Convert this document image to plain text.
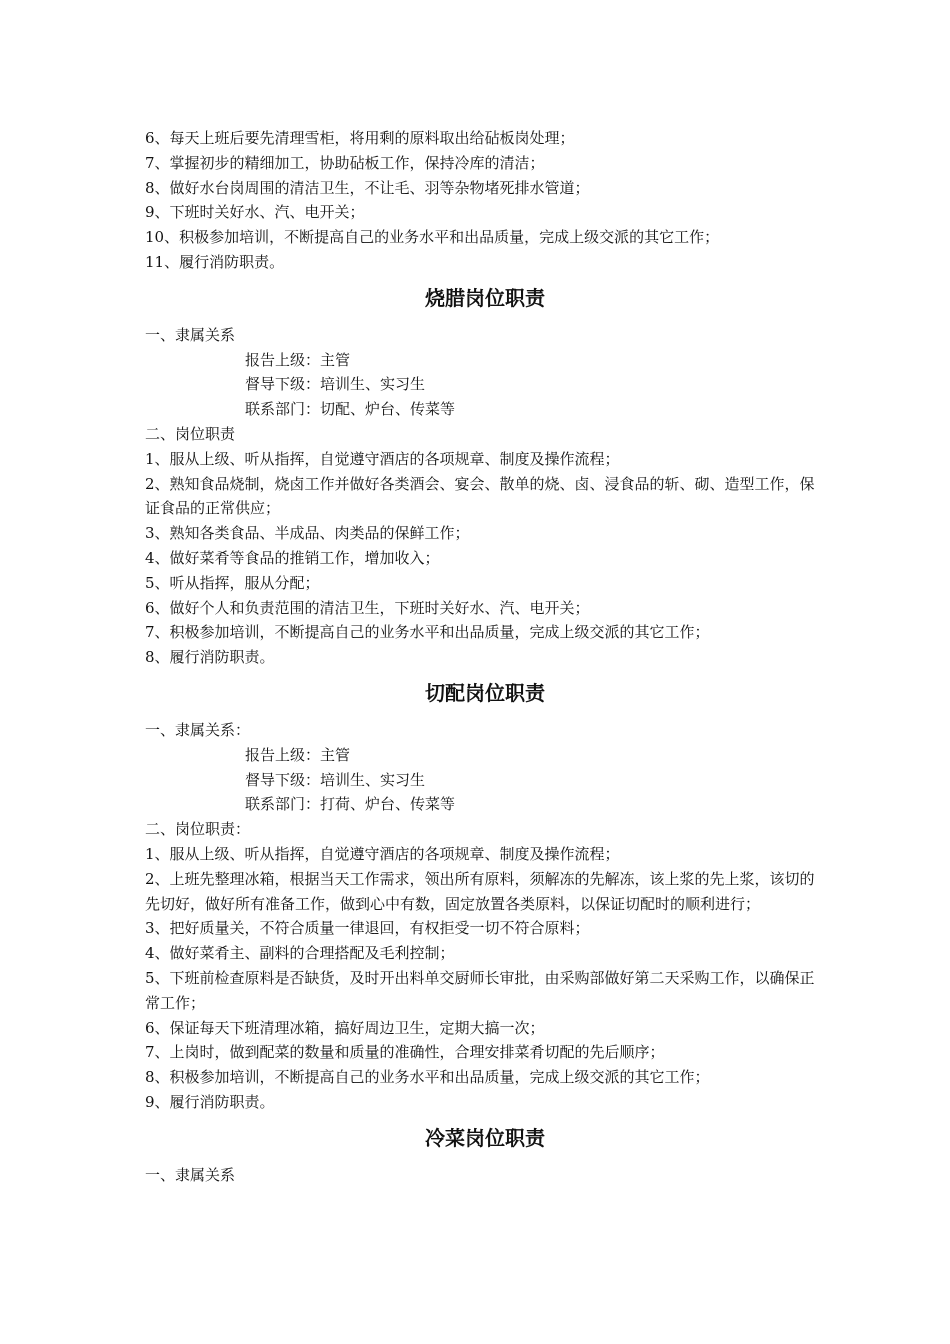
6、每天上班后要先清理雪柜，将用剩的原料取出给砧板岗处理；
7、掌握初步的精细加工，协助砧板工作，保持冷库的清洁；
8、做好水台岗周围的清洁卫生，不让毛、羽等杂物堵死排水管道；
9、下班时关好水、汽、电开关；
10、积极参加培训，不断提高自己的业务水平和出品质量，完成上级交派的其它工作；
11、履行消防职责。
烧腊岗位职责
一、隶属关系
报告上级：主管
督导下级：培训生、实习生
联系部门：切配、炉台、传菜等
二、岗位职责
1、服从上级、听从指挥，自觉遵守酒店的各项规章、制度及操作流程；
2、熟知食品烧制，烧卤工作并做好各类酒会、宴会、散单的烧、卤、浸食品的斩、砌、造型工作，保证食品的正常供应；
3、熟知各类食品、半成品、肉类品的保鲜工作；
4、做好菜肴等食品的推销工作，增加收入；
5、听从指挥，服从分配；
6、做好个人和负责范围的清洁卫生，下班时关好水、汽、电开关；
7、积极参加培训，不断提高自己的业务水平和出品质量，完成上级交派的其它工作；
8、履行消防职责。
切配岗位职责
一、隶属关系：
报告上级：主管
督导下级：培训生、实习生
联系部门：打荷、炉台、传菜等
二、岗位职责：
1、服从上级、听从指挥，自觉遵守酒店的各项规章、制度及操作流程；
2、上班先整理冰箱，根据当天工作需求，领出所有原料，须解冻的先解冻，该上浆的先上浆，该切的先切好，做好所有准备工作，做到心中有数，固定放置各类原料，以保证切配时的顺利进行；
3、把好质量关，不符合质量一律退回，有权拒受一切不符合原料；
4、做好菜肴主、副料的合理搭配及毛利控制；
5、下班前检查原料是否缺货，及时开出料单交厨师长审批，由采购部做好第二天采购工作，以确保正常工作；
6、保证每天下班清理冰箱，搞好周边卫生，定期大搞一次；
7、上岗时，做到配菜的数量和质量的准确性，合理安排菜肴切配的先后顺序；
8、积极参加培训，不断提高自己的业务水平和出品质量，完成上级交派的其它工作；
9、履行消防职责。
冷菜岗位职责
一、隶属关系
